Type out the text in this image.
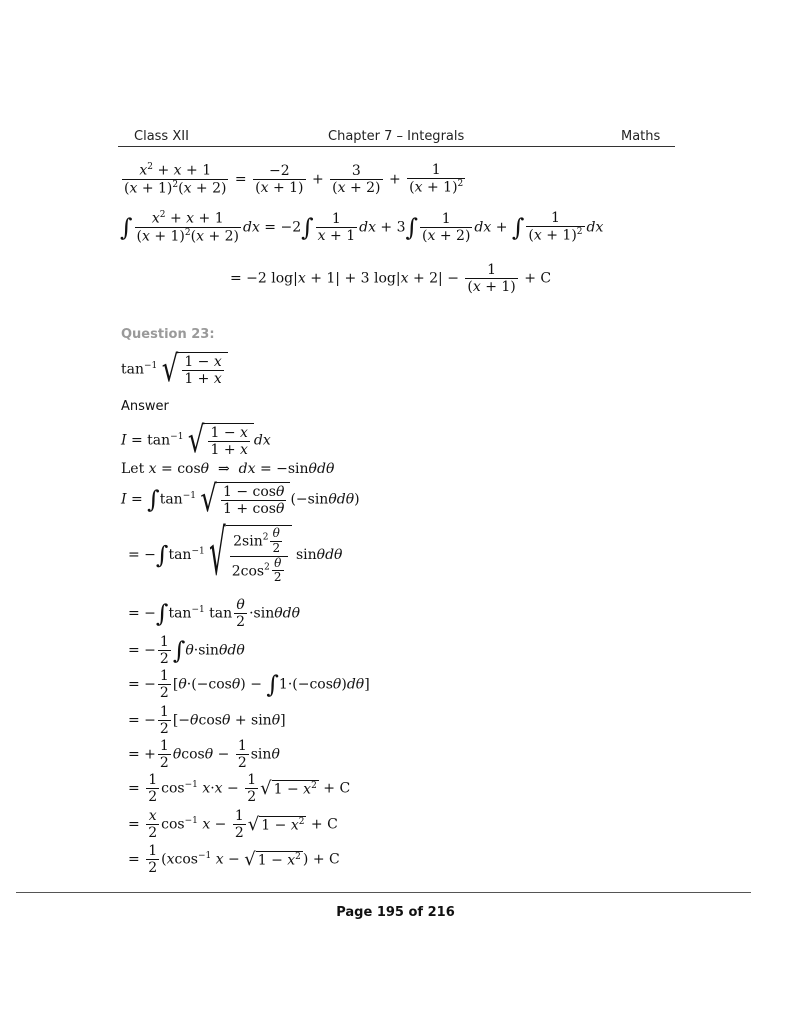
Class XII	Chapter 7 – Integrals	Maths
$\frac{x^2 + x + 1}{(x + 1)^2(x + 2)} = \frac{-2}{(x + 1)} + \frac{3}{(x + 2)} + \frac{1}{(x + 1)^2}$
∫ $\frac{x^2 + x + 1}{(x + 1)^2(x + 2)}$ dx = $-2\int \frac{1}{x + 1}$ dx + $3\int \frac{1}{(x + 2)}$ dx + ∫ $\frac{1}{(x + 1)^2}$ dx
= −2 log|x + 1| + 3 $\log|x + 2| - \frac{1}{(x + 1)} + C$
Question 23:
$\tan^{-1}$ √ $\frac{1 - x}{1 + x}$
Answer
$I = \tan^{-1}$ √ $\frac{1 - x}{1 + x}$ dx
Let x = cosθ  ⇒  dx = −sinθdθ
$I = \int\tan^{-1}$ √ $\frac{1 - \cos\theta}{1 + \cos\theta} (-\sin\theta d\theta)$
= $-\int\tan^{-1}$ √ $\frac{2\sin^2 \frac{\theta}{2}}{2\cos^2 \frac{\theta}{2}}$ sinθdθ
= $-\int\tan^{-1}$ $\tan \frac{\theta}{2} \cdot\sin\theta d\theta$
= − $\frac{1}{2} \int\theta\cdot\sin\theta d\theta$
= − $\frac{1}{2} [\theta\cdot(-\cos\theta) - \int 1\cdot(-\cos\theta)d\theta]$
= − $\frac{1}{2} [-\theta\cos\theta + \sin\theta]$
= + $\frac{1}{2}$ $\theta\cos\theta - \frac{1}{2}$ sinθ
= $\frac{1}{2} \cos^{-1} x\cdot x - \frac{1}{2}$ √ $1 - x^2 + C$
= $\frac{x}{2} \cos^{-1} x - \frac{1}{2}$ √ $1 - x^2 + C$
= $\frac{1}{2} (xcos^{-1}$ x − √ $1 - x^2$ ) + C
Page 195 of 216
